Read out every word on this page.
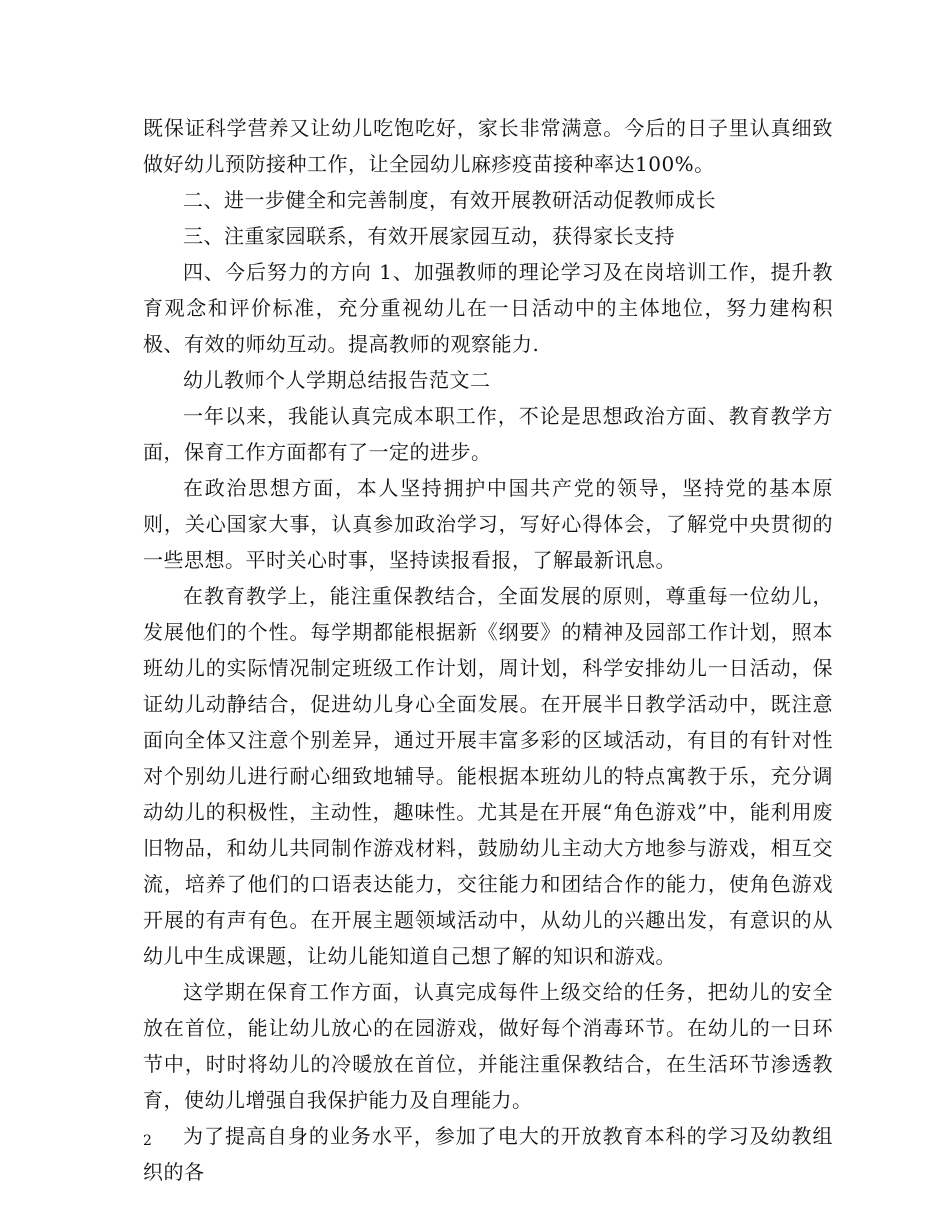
既保证科学营养又让幼儿吃饱吃好，家长非常满意。今后的日子里认真细致做好幼儿预防接种工作，让全园幼儿麻疹疫苗接种率达100%。

二、进一步健全和完善制度，有效开展教研活动促教师成长

三、注重家园联系，有效开展家园互动，获得家长支持

四、今后努力的方向 1、加强教师的理论学习及在岗培训工作，提升教育观念和评价标准，充分重视幼儿在一日活动中的主体地位，努力建构积极、有效的师幼互动。提高教师的观察能力.

幼儿教师个人学期总结报告范文二

一年以来，我能认真完成本职工作，不论是思想政治方面、教育教学方面，保育工作方面都有了一定的进步。

在政治思想方面，本人坚持拥护中国共产党的领导，坚持党的基本原则，关心国家大事，认真参加政治学习，写好心得体会，了解党中央贯彻的一些思想。平时关心时事，坚持读报看报，了解最新讯息。

在教育教学上，能注重保教结合，全面发展的原则，尊重每一位幼儿，发展他们的个性。每学期都能根据新《纲要》的精神及园部工作计划，照本班幼儿的实际情况制定班级工作计划，周计划，科学安排幼儿一日活动，保证幼儿动静结合，促进幼儿身心全面发展。在开展半日教学活动中，既注意面向全体又注意个别差异，通过开展丰富多彩的区域活动，有目的有针对性对个别幼儿进行耐心细致地辅导。能根据本班幼儿的特点寓教于乐，充分调动幼儿的积极性，主动性，趣味性。尤其是在开展“角色游戏”中，能利用废旧物品，和幼儿共同制作游戏材料，鼓励幼儿主动大方地参与游戏，相互交流，培养了他们的口语表达能力，交往能力和团结合作的能力，使角色游戏开展的有声有色。在开展主题领域活动中，从幼儿的兴趣出发，有意识的从幼儿中生成课题，让幼儿能知道自己想了解的知识和游戏。

这学期在保育工作方面，认真完成每件上级交给的任务，把幼儿的安全放在首位，能让幼儿放心的在园游戏，做好每个消毒环节。在幼儿的一日环节中，时时将幼儿的冷暖放在首位，并能注重保教结合，在生活环节渗透教育，使幼儿增强自我保护能力及自理能力。

为了提高自身的业务水平，参加了电大的开放教育本科的学习及幼教组织的各

2
